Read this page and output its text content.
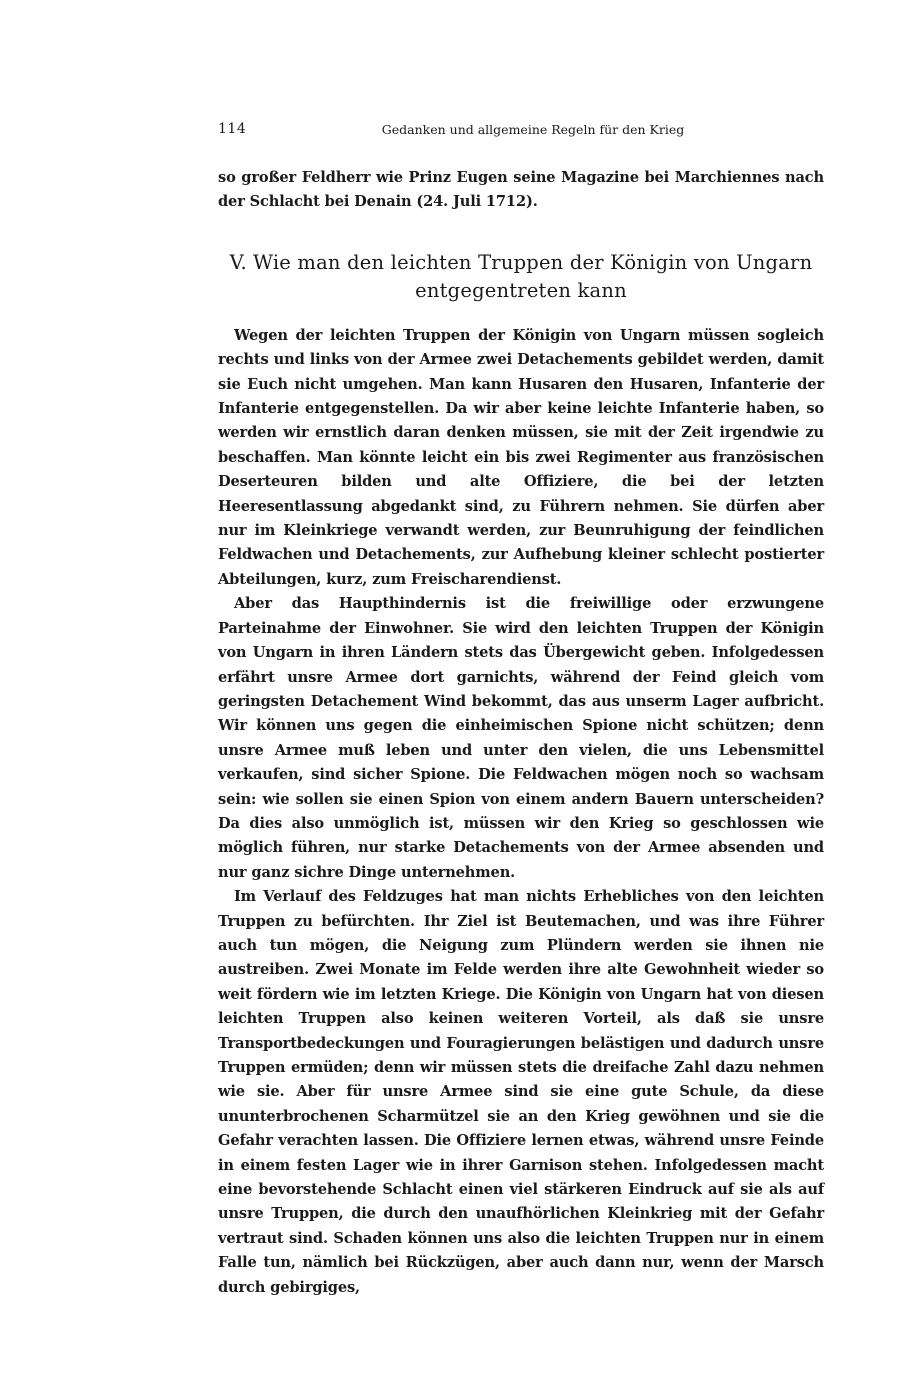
114	Gedanken und allgemeine Regeln für den Krieg

so großer Feldherr wie Prinz Eugen seine Magazine bei Marchiennes nach der Schlacht bei Denain (24. Juli 1712).

V. Wie man den leichten Truppen der Königin von Ungarn
entgegentreten kann

Wegen der leichten Truppen der Königin von Ungarn müssen sogleich rechts und links von der Armee zwei Detachements gebildet werden, damit sie Euch nicht umgehen. Man kann Husaren den Husaren, Infanterie der Infanterie entgegenstellen. Da wir aber keine leichte Infanterie haben, so werden wir ernstlich daran denken müssen, sie mit der Zeit irgendwie zu beschaffen. Man könnte leicht ein bis zwei Regimenter aus französischen Deserteuren bilden und alte Offiziere, die bei der letzten Heeresentlassung abgedankt sind, zu Führern nehmen. Sie dürfen aber nur im Kleinkriege verwandt werden, zur Beunruhigung der feindlichen Feldwachen und Detachements, zur Aufhebung kleiner schlecht postierter Abteilungen, kurz, zum Freischarendienst.

Aber das Haupthindernis ist die freiwillige oder erzwungene Parteinahme der Einwohner. Sie wird den leichten Truppen der Königin von Ungarn in ihren Ländern stets das Übergewicht geben. Infolgedessen erfährt unsre Armee dort garnichts, während der Feind gleich vom geringsten Detachement Wind bekommt, das aus unserm Lager aufbricht. Wir können uns gegen die einheimischen Spione nicht schützen; denn unsre Armee muß leben und unter den vielen, die uns Lebensmittel verkaufen, sind sicher Spione. Die Feldwachen mögen noch so wachsam sein: wie sollen sie einen Spion von einem andern Bauern unterscheiden? Da dies also unmöglich ist, müssen wir den Krieg so geschlossen wie möglich führen, nur starke Detachements von der Armee absenden und nur ganz sichre Dinge unternehmen.

Im Verlauf des Feldzuges hat man nichts Erhebliches von den leichten Truppen zu befürchten. Ihr Ziel ist Beutemachen, und was ihre Führer auch tun mögen, die Neigung zum Plündern werden sie ihnen nie austreiben. Zwei Monate im Felde werden ihre alte Gewohnheit wieder so weit fördern wie im letzten Kriege. Die Königin von Ungarn hat von diesen leichten Truppen also keinen weiteren Vorteil, als daß sie unsre Transportbedeckungen und Fouragierungen belästigen und dadurch unsre Truppen ermüden; denn wir müssen stets die dreifache Zahl dazu nehmen wie sie. Aber für unsre Armee sind sie eine gute Schule, da diese ununterbrochenen Scharmützel sie an den Krieg gewöhnen und sie die Gefahr verachten lassen. Die Offiziere lernen etwas, während unsre Feinde in einem festen Lager wie in ihrer Garnison stehen. Infolgedessen macht eine bevorstehende Schlacht einen viel stärkeren Eindruck auf sie als auf unsre Truppen, die durch den unaufhörlichen Kleinkrieg mit der Gefahr vertraut sind. Schaden können uns also die leichten Truppen nur in einem Falle tun, nämlich bei Rückzügen, aber auch dann nur, wenn der Marsch durch gebirgiges,
